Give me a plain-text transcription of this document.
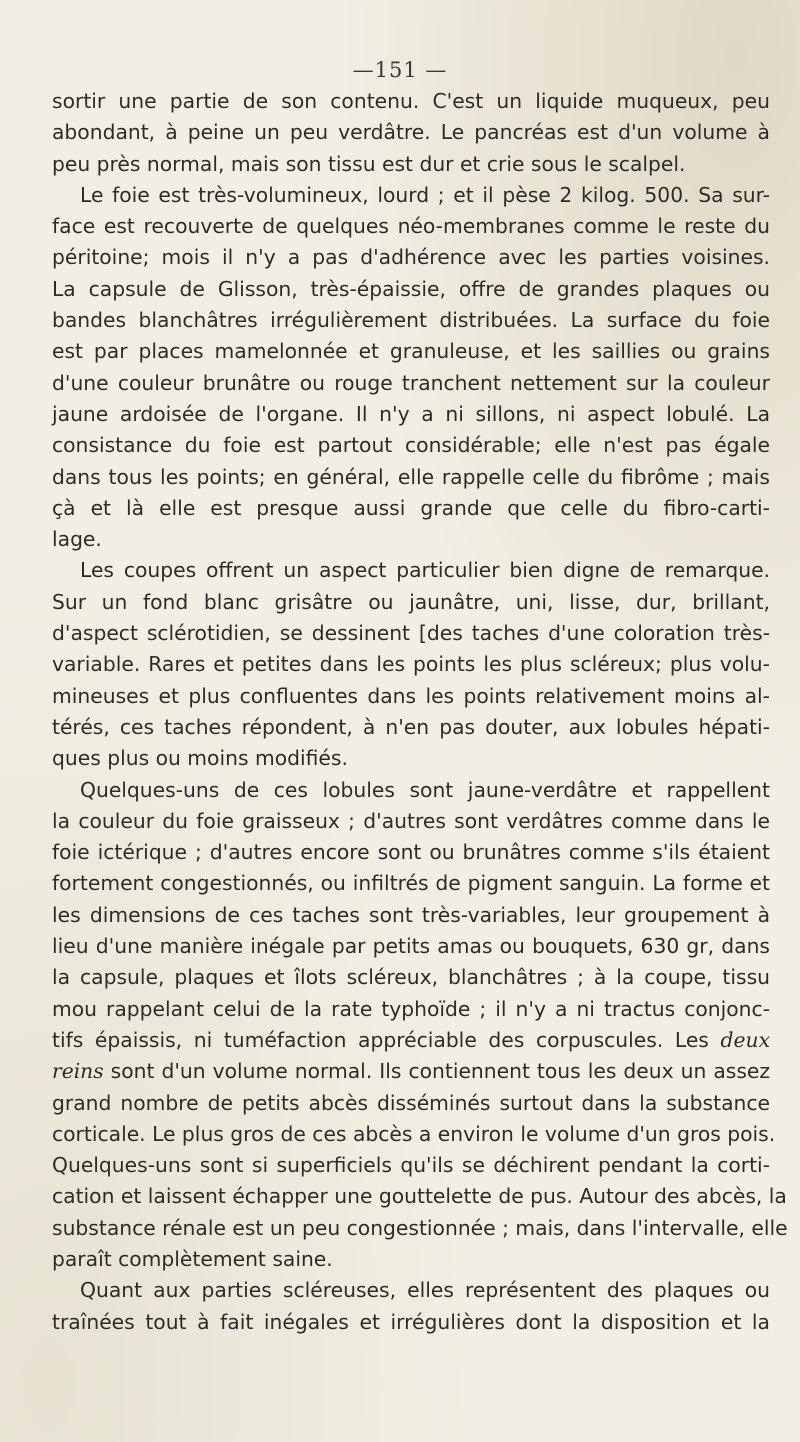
—151 —
sortir une partie de son contenu. C'est un liquide muqueux, peu
abondant, à peine un peu verdâtre. Le pancréas est d'un volume à
peu près normal, mais son tissu est dur et crie sous le scalpel.
Le foie est très-volumineux, lourd ; et il pèse 2 kilog. 500. Sa sur-
face est recouverte de quelques néo-membranes comme le reste du
péritoine; mois il n'y a pas d'adhérence avec les parties voisines.
La capsule de Glisson, très-épaissie, offre de grandes plaques ou
bandes blanchâtres irrégulièrement distribuées. La surface du foie
est par places mamelonnée et granuleuse, et les saillies ou grains
d'une couleur brunâtre ou rouge tranchent nettement sur la couleur
jaune ardoisée de l'organe. Il n'y a ni sillons, ni aspect lobulé. La
consistance du foie est partout considérable; elle n'est pas égale
dans tous les points; en général, elle rappelle celle du fibrôme ; mais
çà et là elle est presque aussi grande que celle du fibro-carti-
lage.
Les coupes offrent un aspect particulier bien digne de remarque.
Sur un fond blanc grisâtre ou jaunâtre, uni, lisse, dur, brillant,
d'aspect sclérotidien, se dessinent [des taches d'une coloration très-
variable. Rares et petites dans les points les plus scléreux; plus volu-
mineuses et plus confluentes dans les points relativement moins al-
térés, ces taches répondent, à n'en pas douter, aux lobules hépati-
ques plus ou moins modifiés.
Quelques-uns de ces lobules sont jaune-verdâtre et rappellent
la couleur du foie graisseux ; d'autres sont verdâtres comme dans le
foie ictérique ; d'autres encore sont ou brunâtres comme s'ils étaient
fortement congestionnés, ou infiltrés de pigment sanguin. La forme et
les dimensions de ces taches sont très-variables, leur groupement à
lieu d'une manière inégale par petits amas ou bouquets, 630 gr, dans
la capsule, plaques et îlots scléreux, blanchâtres ; à la coupe, tissu
mou rappelant celui de la rate typhoïde ; il n'y a ni tractus conjonc-
tifs épaissis, ni tuméfaction appréciable des corpuscules. Les deux
reins sont d'un volume normal. Ils contiennent tous les deux un assez
grand nombre de petits abcès disséminés surtout dans la substance
corticale. Le plus gros de ces abcès a environ le volume d'un gros pois.
Quelques-uns sont si superficiels qu'ils se déchirent pendant la corti-
cation et laissent échapper une gouttelette de pus. Autour des abcès, la
substance rénale est un peu congestionnée ; mais, dans l'intervalle, elle
paraît complètement saine.
Quant aux parties scléreuses, elles représentent des plaques ou
traînées tout à fait inégales et irrégulières dont la disposition et la
